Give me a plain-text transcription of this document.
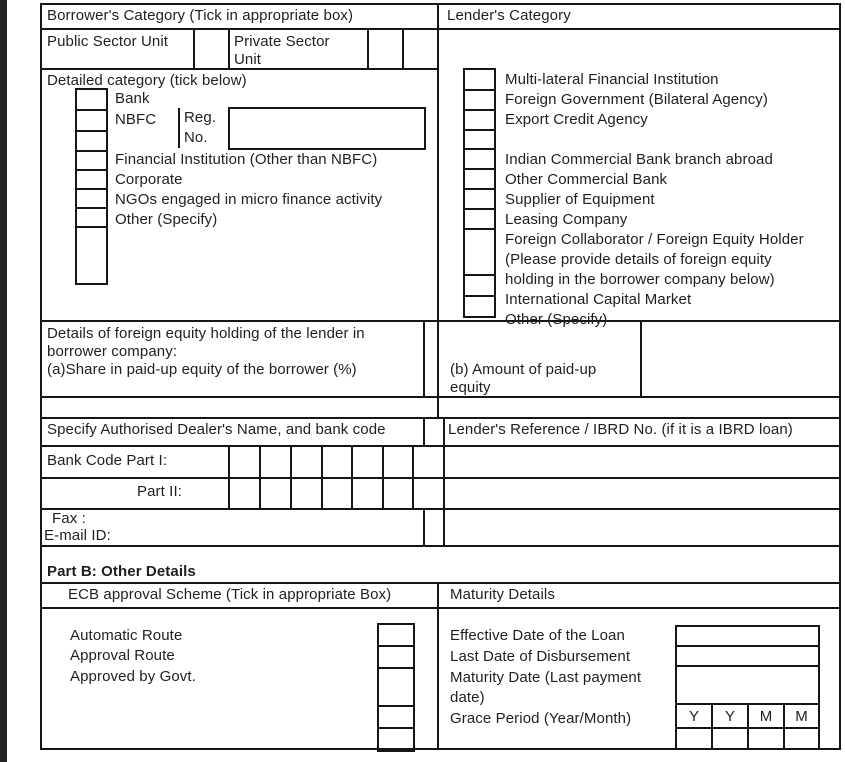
Borrower's Category (Tick in appropriate box)	Lender's Category
Public Sector Unit	Private Sector
Unit
Detailed category (tick below)
Bank
NBFC Reg.
No.
Financial Institution (Other than NBFC)
Corporate
NGOs engaged in micro finance activity
Other (Specify)
Multi-lateral Financial Institution
Foreign Government (Bilateral Agency)
Export Credit Agency
Indian Commercial Bank branch abroad
Other Commercial Bank
Supplier of Equipment
Leasing Company
Foreign Collaborator / Foreign Equity Holder
(Please provide details of foreign equity
holding in the borrower company below)
International Capital Market
Other (Specify)
Details of foreign equity holding of the lender in
borrower company:
(a)Share in paid-up equity of the borrower (%)	(b) Amount of paid-up
equity
Specify Authorised Dealer's Name, and bank code	Lender's Reference / IBRD No. (if it is a IBRD loan)
Bank Code Part I:
Part II:
Fax :
E-mail ID:
Part B: Other Details
ECB approval Scheme (Tick in appropriate Box)	Maturity Details
Automatic Route
Approval Route
Approved by Govt.
Effective Date of the Loan
Last Date of Disbursement
Maturity Date (Last payment
date)
Grace Period (Year/Month)	Y	Y	M	M
